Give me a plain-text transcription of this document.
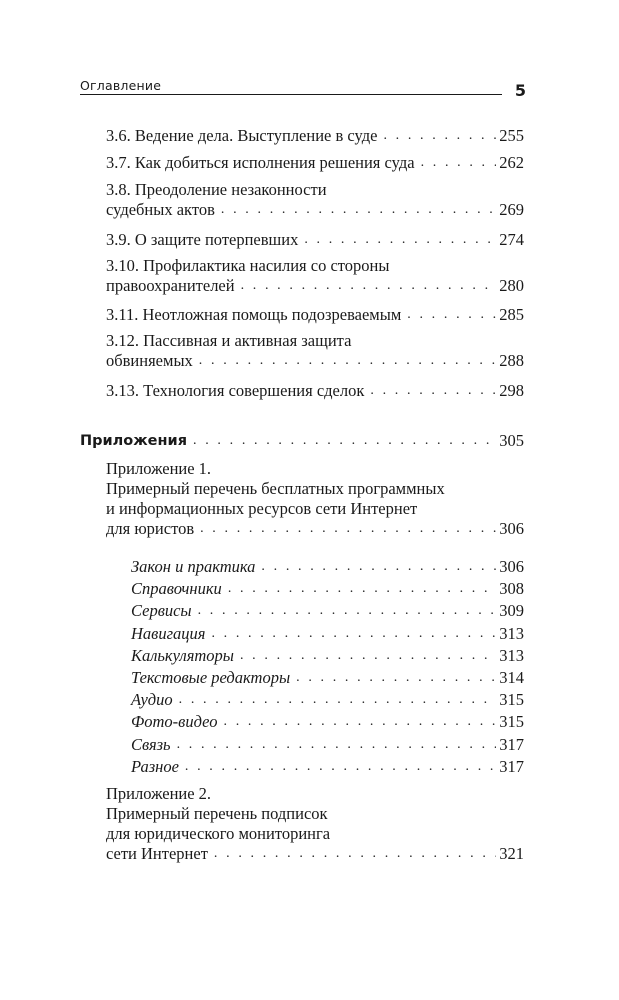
Оглавление	5
3.6. Ведение дела. Выступление в суде . . .	255
3.7. Как добиться исполнения решения суда . . .	262
3.8. Преодоление незаконности
судебных актов . . .	269
3.9. О защите потерпевших . . .	274
3.10. Профилактика насилия со стороны
правоохранителей . . .	280
3.11. Неотложная помощь подозреваемым . . .	285
3.12. Пассивная и активная защита
обвиняемых . . .	288
3.13. Технология совершения сделок . . .	298
Приложения . . .	305
Приложение 1.
Примерный перечень бесплатных программных
и информационных ресурсов сети Интернет
для юристов . . .	306
Закон и практика . . .	306
Справочники . . .	308
Сервисы . . .	309
Навигация . . .	313
Калькуляторы . . .	313
Текстовые редакторы . . .	314
Аудио . . .	315
Фото-видео . . .	315
Связь . . .	317
Разное . . .	317
Приложение 2.
Примерный перечень подписок
для юридического мониторинга
сети Интернет . . .	321
